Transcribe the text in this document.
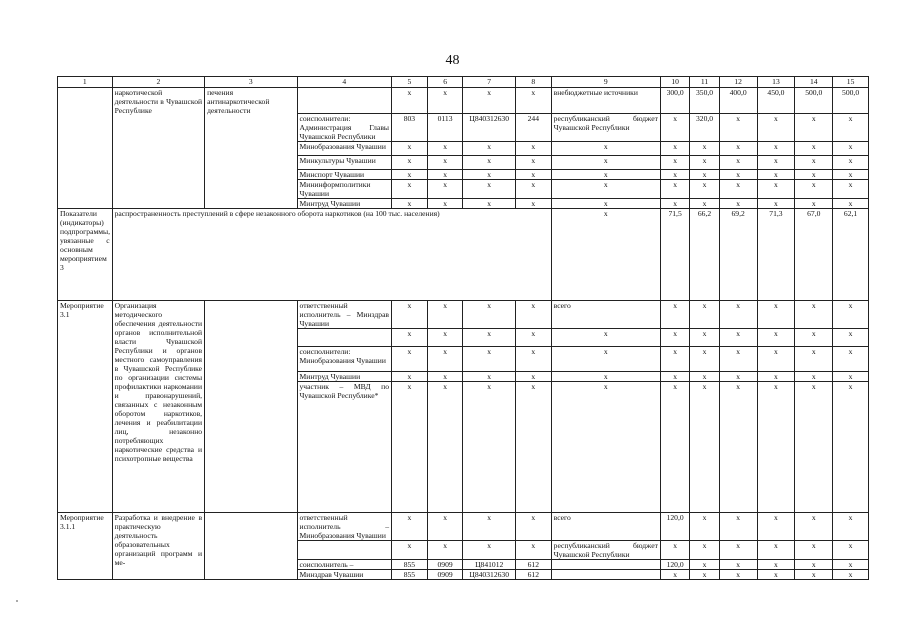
48
1	2	3	4	5	6	7	8	9	10	11	12	13	14	15
	наркотической деятельности в Чувашской Республике	печения антинаркотической деятельности		x	x	x	x	внебюджетные источники	300,0	350,0	400,0	450,0	500,0	500,0
			соисполнители: Администрация Главы Чувашской Республики	803	0113	Ц840312630	244	республиканский бюджет Чувашской Республики	x	320,0	x	x	x	x
			Минобразования Чувашии	x	x	x	x	x	x	x	x	x	x	x
			Минкультуры Чувашии	x	x	x	x	x	x	x	x	x	x	x
			Минспорт Чувашии	x	x	x	x	x	x	x	x	x	x	x
			Мининформполитики Чувашии	x	x	x	x	x	x	x	x	x	x	x
			Минтруд Чувашии	x	x	x	x	x	x	x	x	x	x	x
Показатели (индикаторы) подпрограммы, увязанные с основным мероприятием 3	распространенность преступлений в сфере незаконного оборота наркотиков (на 100 тыс. населения)							x	71,5	66,2	69,2	71,3	67,0	62,1
Мероприятие 3.1	Организация методического обеспечения деятельности органов исполнительной власти Чувашской Республики и органов местного самоуправления в Чувашской Республике по организации системы профилактики наркомании и правонарушений, связанных с незаконным оборотом наркотиков, лечения и реабилитации лиц, незаконно потребляющих наркотические средства и психотропные вещества		ответственный исполнитель – Минздрав Чувашии	x	x	x	x	всего	x	x	x	x	x	x
				x	x	x	x	x	x	x	x	x	x	x
			соисполнители: Минобразования Чувашии	x	x	x	x	x	x	x	x	x	x	x
			Минтруд Чувашии	x	x	x	x	x	x	x	x	x	x	x
			участник – МВД по Чувашской Республике*	x	x	x	x	x	x	x	x	x	x	x
Мероприятие 3.1.1	Разработка и внедрение в практическую деятельность образовательных организаций программ и ме-		ответственный исполнитель – Минобразования Чувашии	x	x	x	x	всего	120,0	x	x	x	x	x
				x	x	x	x	республиканский бюджет Чувашской Республики	x	x	x	x	x	x
			соисполнитель –	855	0909	Ц841012	612		120,0	x	x	x	x	x
			Минздрав Чувашии	855	0909	Ц840312630	612		x	x	x	x	x	x
